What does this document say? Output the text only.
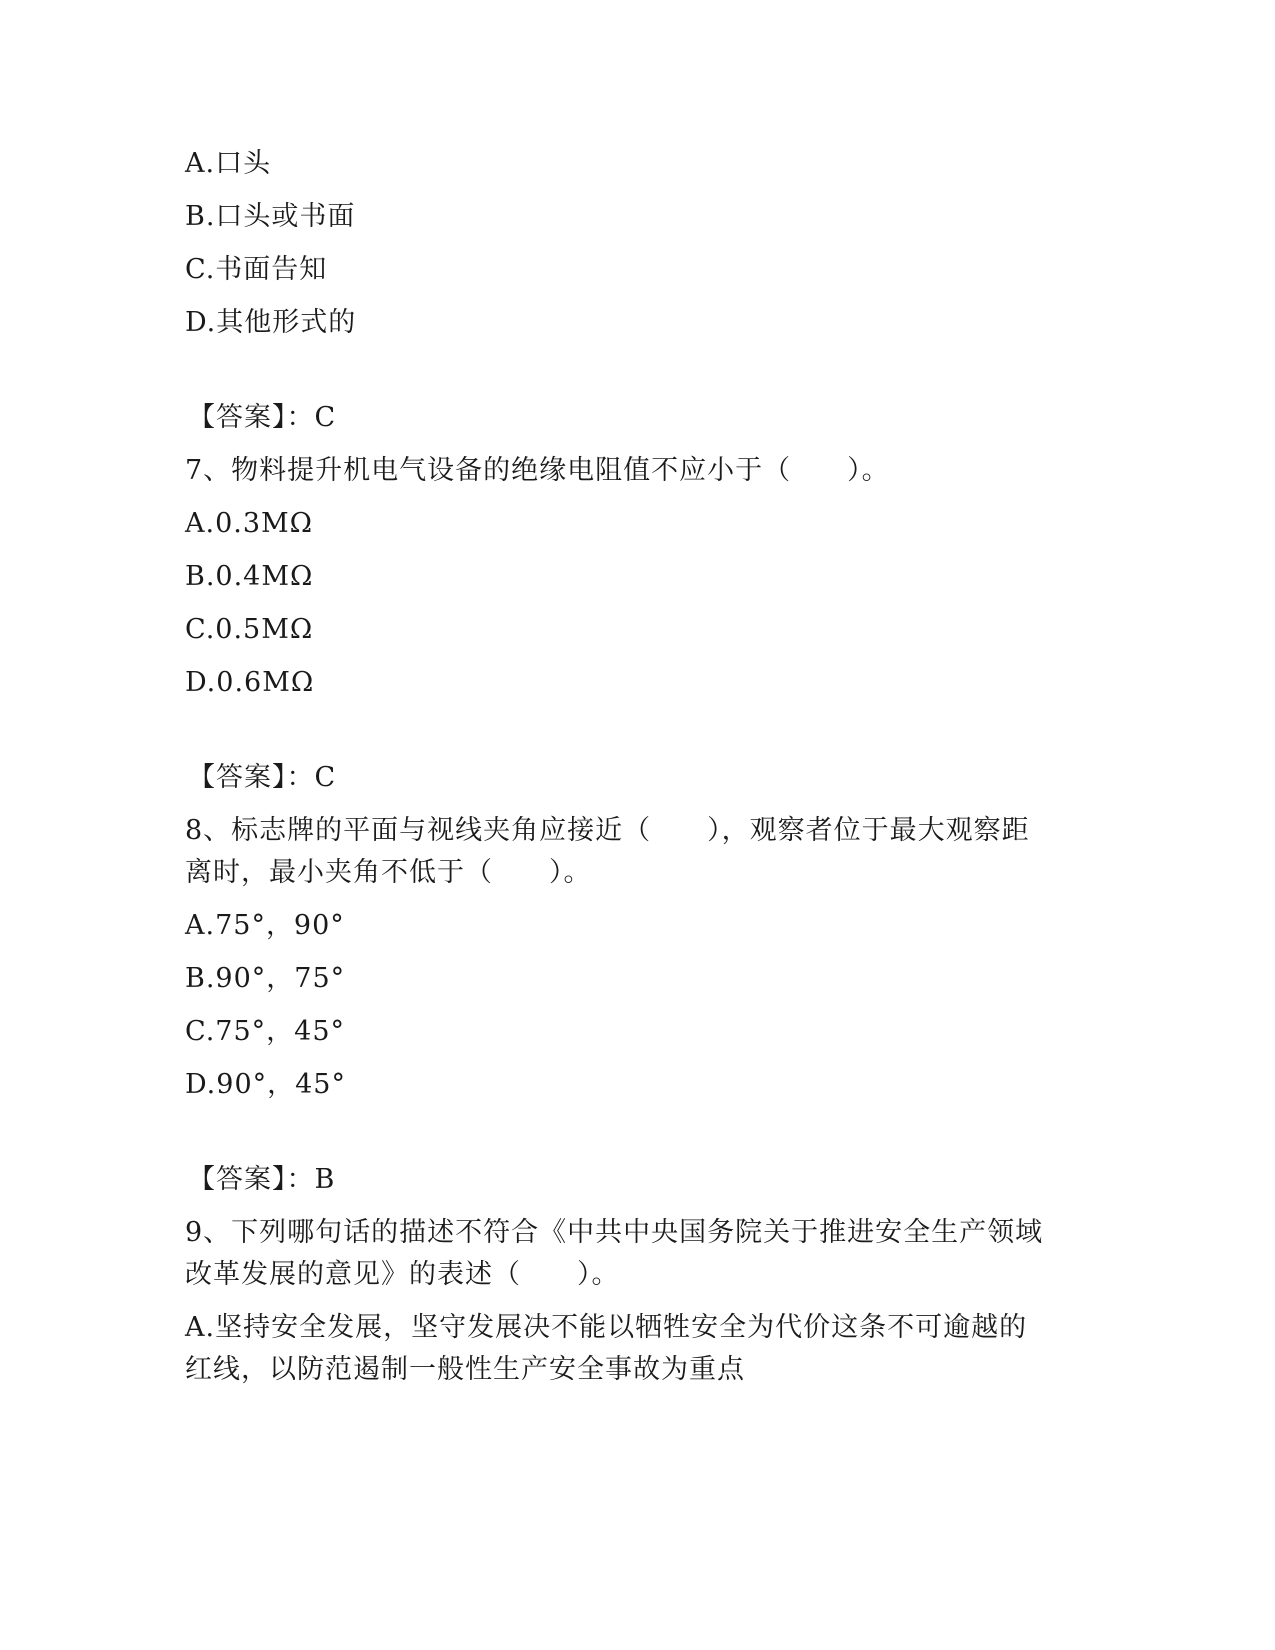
A.口头
B.口头或书面
C.书面告知
D.其他形式的
【答案】：C
7、物料提升机电气设备的绝缘电阻值不应小于（　　）。
A.0.3MΩ
B.0.4MΩ
C.0.5MΩ
D.0.6MΩ
【答案】：C
8、标志牌的平面与视线夹角应接近（　　），观察者位于最大观察距
离时，最小夹角不低于（　　）。
A.75°，90°
B.90°，75°
C.75°，45°
D.90°，45°
【答案】：B
9、下列哪句话的描述不符合《中共中央国务院关于推进安全生产领域
改革发展的意见》的表述（　　）。
A.坚持安全发展，坚守发展决不能以牺牲安全为代价这条不可逾越的
红线，以防范遏制一般性生产安全事故为重点
